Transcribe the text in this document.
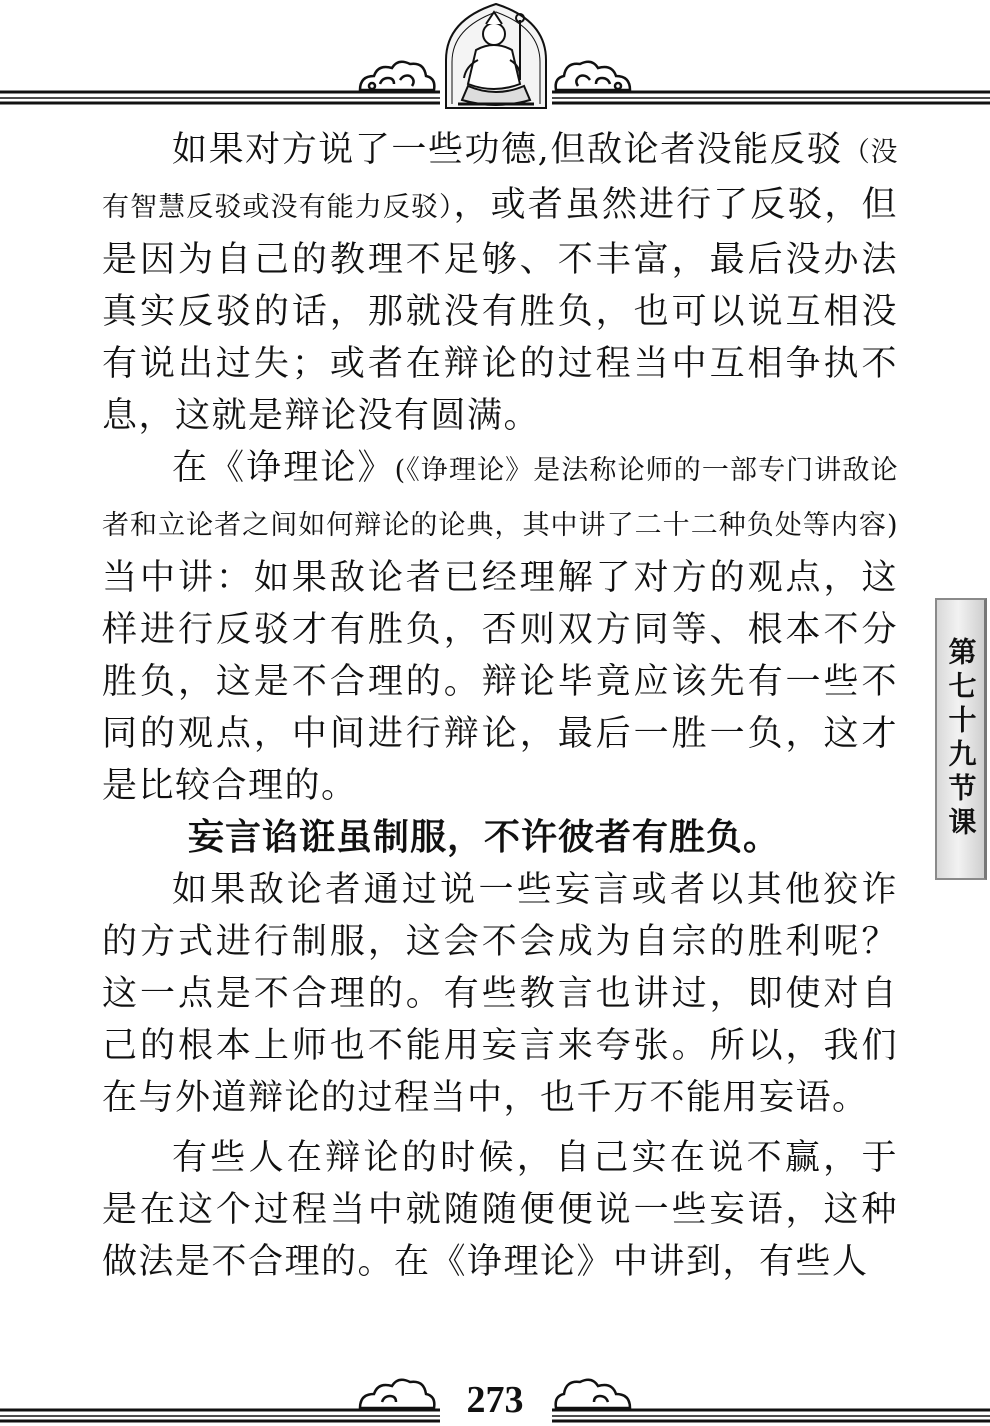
如果对方说了一些功德,但敌论者没能反驳（没有智慧反驳或没有能力反驳），或者虽然进行了反驳，但是因为自己的教理不足够、不丰富，最后没办法真实反驳的话，那就没有胜负，也可以说互相没有说出过失；或者在辩论的过程当中互相争执不息，这就是辩论没有圆满。

在《诤理论》(《诤理论》是法称论师的一部专门讲敌论者和立论者之间如何辩论的论典，其中讲了二十二种负处等内容)当中讲：如果敌论者已经理解了对方的观点，这样进行反驳才有胜负，否则双方同等、根本不分胜负，这是不合理的。辩论毕竟应该先有一些不同的观点，中间进行辩论，最后一胜一负，这才是比较合理的。

妄言谄诳虽制服，不许彼者有胜负。

如果敌论者通过说一些妄言或者以其他狡诈的方式进行制服，这会不会成为自宗的胜利呢？这一点是不合理的。有些教言也讲过，即使对自己的根本上师也不能用妄言来夸张。所以，我们在与外道辩论的过程当中，也千万不能用妄语。

有些人在辩论的时候，自己实在说不赢，于是在这个过程当中就随随便便说一些妄语，这种做法是不合理的。在《诤理论》中讲到，有些人

第七十九节课
273
